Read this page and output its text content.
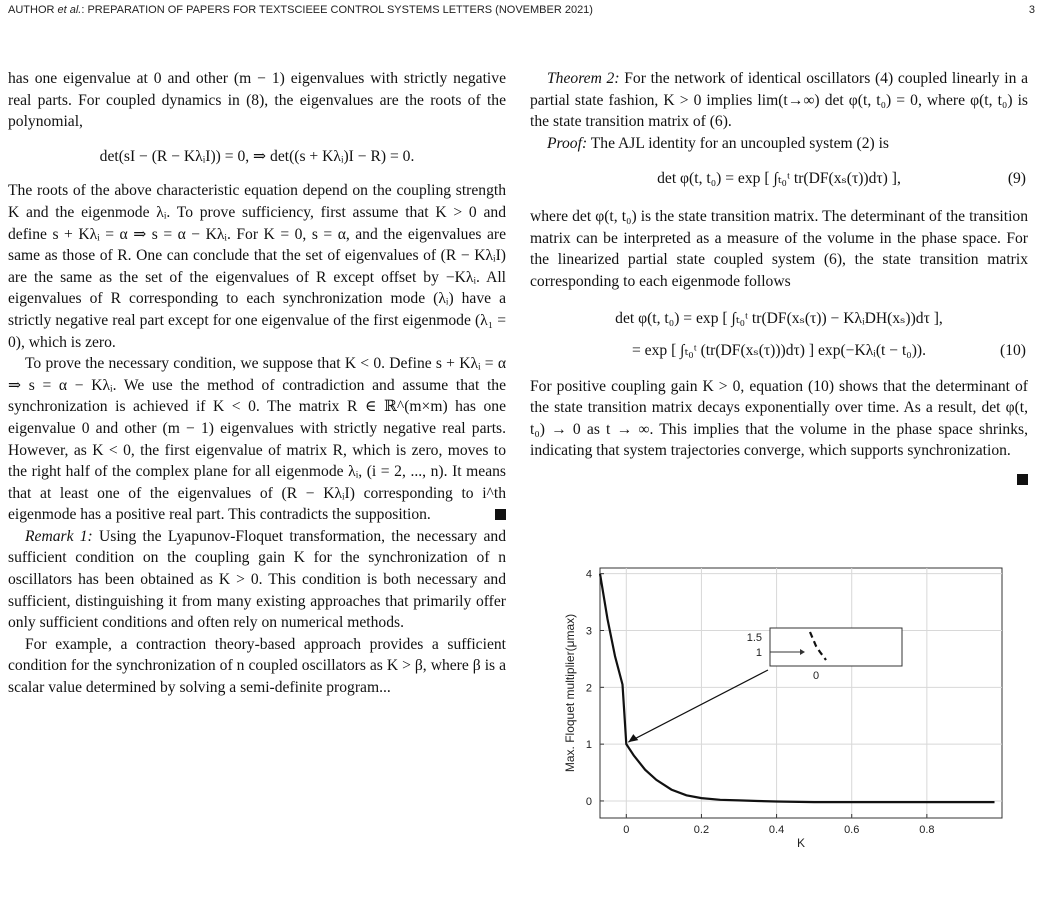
AUTHOR et al.: PREPARATION OF PAPERS FOR TEXTSCIEEE CONTROL SYSTEMS LETTERS (NOVEMBER 2021)	3

has one eigenvalue at 0 and other (m − 1) eigenvalues with strictly negative real parts. For coupled dynamics in (8), the eigenvalues are the roots of the polynomial,

det(sI − (R − KλᵢI)) = 0, ⇒ det((s + Kλᵢ)I − R) = 0.

The roots of the above characteristic equation depend on the coupling strength K and the eigenmode λᵢ. To prove sufficiency, first assume that K > 0 and define s + Kλᵢ = α ⇒ s = α − Kλᵢ. For K = 0, s = α, and the eigenvalues are same as those of R. One can conclude that the set of eigenvalues of (R − KλᵢI) are the same as the set of the eigenvalues of R except offset by −Kλᵢ. All eigenvalues of R corresponding to each synchronization mode (λᵢ) have a strictly negative real part except for one eigenvalue of the first eigenmode (λ₁ = 0), which is zero.

To prove the necessary condition, we suppose that K < 0. Define s + Kλᵢ = α ⇒ s = α − Kλᵢ. We use the method of contradiction and assume that the synchronization is achieved if K < 0. The matrix R ∈ ℝ^(m×m) has one eigenvalue 0 and other (m − 1) eigenvalues with strictly negative real parts. However, as K < 0, the first eigenvalue of matrix R, which is zero, moves to the right half of the complex plane for all eigenmode λᵢ, (i = 2, ..., n). It means that at least one of the eigenvalues of (R − KλᵢI) corresponding to i^th eigenmode has a positive real part. This contradicts the supposition.

Remark 1: Using the Lyapunov-Floquet transformation, the necessary and sufficient condition on the coupling gain K for the synchronization of n oscillators has been obtained as K > 0. This condition is both necessary and sufficient, distinguishing it from many existing approaches that primarily offer only sufficient conditions and often rely on numerical methods.

For example, a contraction theory-based approach provides a sufficient condition for the synchronization of n coupled oscillators as K > β, where β is a scalar value determined by solving a semi-definite program...

Theorem 2: For the network of identical oscillators (4) coupled linearly in a partial state fashion, K > 0 implies lim(t→∞) det φ(t, t₀) = 0, where φ(t, t₀) is the state transition matrix of (6).

Proof: The AJL identity for an uncoupled system (2) is

det φ(t, t₀) = exp [ ∫ₜ₀ᵗ tr(DF(xₛ(τ))dτ) ],	(9)

where det φ(t, t₀) is the state transition matrix. The determinant of the transition matrix can be interpreted as a measure of the volume in the phase space. For the linearized partial state coupled system (6), the state transition matrix corresponding to each eigenmode follows

det φ(t, t₀) = exp [ ∫ₜ₀ᵗ tr(DF(xₛ(τ)) − KλᵢDH(xₛ))dτ ],
= exp [ ∫ₜ₀ᵗ (tr(DF(xₛ(τ)))dτ) ] exp(−Kλᵢ(t − t₀)).	(10)

For positive coupling gain K > 0, equation (10) shows that the determinant of the state transition matrix decays exponentially over time. As a result, det φ(t, t₀) → 0 as t → ∞. This implies that the volume in the phase space shrinks, indicating that system trajectories converge, which supports synchronization.

0	0.2	0.4	0.6	0.8
0
1
2
3
4
K
Max. Floquet multiplier(μmax)	1.5
1
0
